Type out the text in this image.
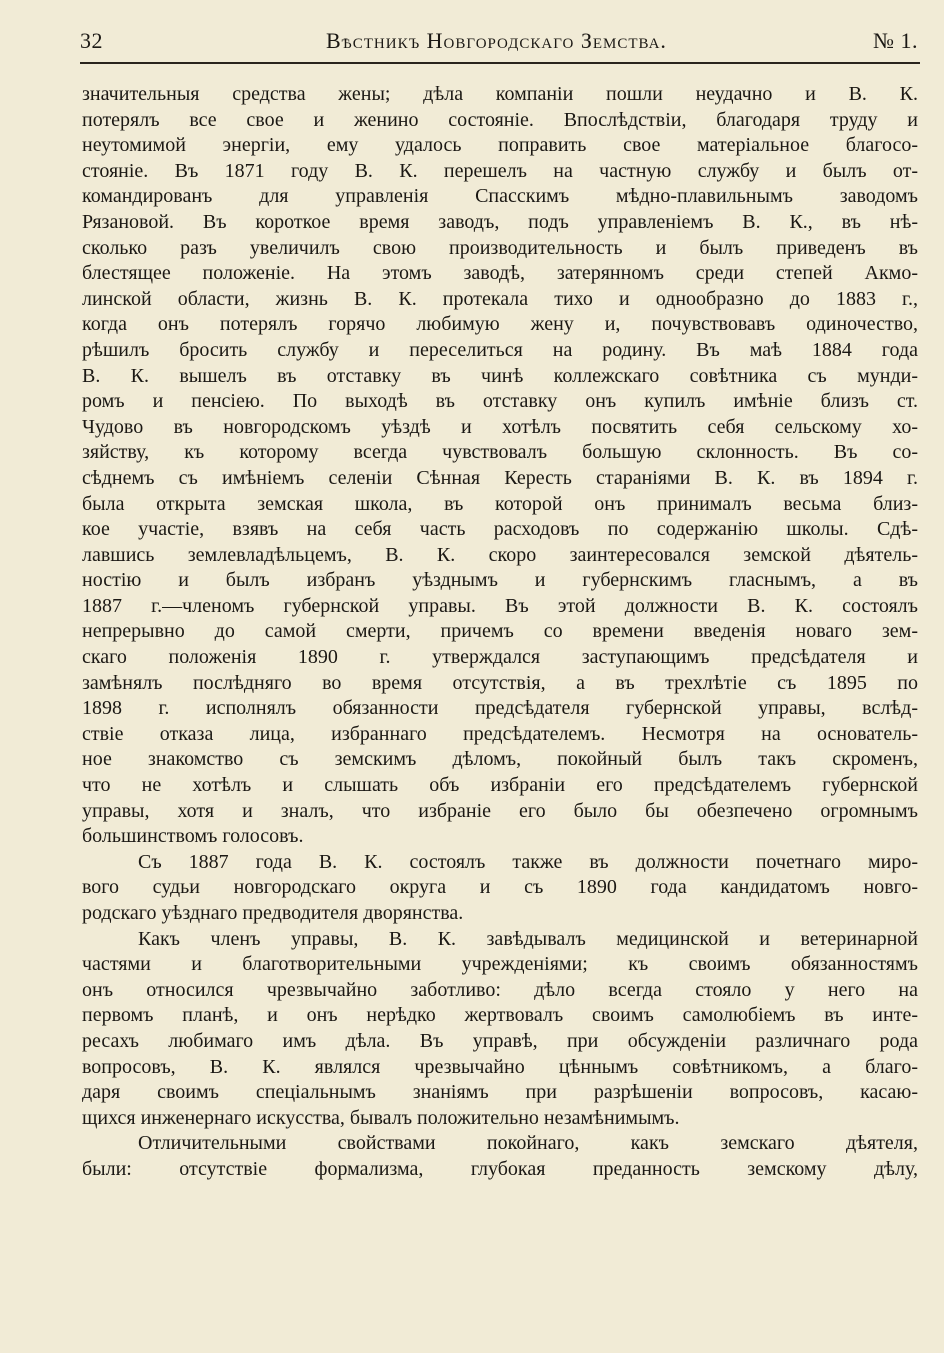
32	Вѣстникъ Новгородскаго Земства.	№ 1.
значительныя средства жены; дѣла компаніи пошли неудачно и В. К.
потерялъ все свое и женино состояніе. Впослѣдствіи, благодаря труду и
неутомимой энергіи, ему удалось поправить свое матеріальное благосо-
стояніе. Въ 1871 году В. К. перешелъ на частную службу и былъ от-
командированъ для управленія Спасскимъ мѣдно-плавильнымъ заводомъ
Рязановой. Въ короткое время заводъ, подъ управленіемъ В. К., въ нѣ-
сколько разъ увеличилъ свою производительность и былъ приведенъ въ
блестящее положеніе. На этомъ заводѣ, затерянномъ среди степей Акмо-
линской области, жизнь В. К. протекала тихо и однообразно до 1883 г.,
когда онъ потерялъ горячо любимую жену и, почувствовавъ одиночество,
рѣшилъ бросить службу и переселиться на родину. Въ маѣ 1884 года
В. К. вышелъ въ отставку въ чинѣ коллежскаго совѣтника съ мунди-
ромъ и пенсіею. По выходѣ въ отставку онъ купилъ имѣніе близъ ст.
Чудово въ новгородскомъ уѣздѣ и хотѣлъ посвятить себя сельскому хо-
зяйству, къ которому всегда чувствовалъ большую склонность. Въ со-
сѣднемъ съ имѣніемъ селеніи Сѣнная Кересть стараніями В. К. въ 1894 г.
была открыта земская школа, въ которой онъ принималъ весьма близ-
кое участіе, взявъ на себя часть расходовъ по содержанію школы. Сдѣ-
лавшись землевладѣльцемъ, В. К. скоро заинтересовался земской дѣятель-
ностію и былъ избранъ уѣзднымъ и губернскимъ гласнымъ, а въ
1887 г.—членомъ губернской управы. Въ этой должности В. К. состоялъ
непрерывно до самой смерти, причемъ со времени введенія новаго зем-
скаго положенія 1890 г. утверждался заступающимъ предсѣдателя и
замѣнялъ послѣдняго во время отсутствія, а въ трехлѣтіе съ 1895 по
1898 г. исполнялъ обязанности предсѣдателя губернской управы, вслѣд-
ствіе отказа лица, избраннаго предсѣдателемъ. Несмотря на основатель-
ное знакомство съ земскимъ дѣломъ, покойный былъ такъ скроменъ,
что не хотѣлъ и слышать объ избраніи его предсѣдателемъ губернской
управы, хотя и зналъ, что избраніе его было бы обезпечено огромнымъ
большинствомъ голосовъ.
Съ 1887 года В. К. состоялъ также въ должности почетнаго миро-
вого судьи новгородскаго округа и съ 1890 года кандидатомъ новго-
родскаго уѣзднаго предводителя дворянства.
Какъ членъ управы, В. К. завѣдывалъ медицинской и ветеринарной
частями и благотворительными учрежденіями; къ своимъ обязанностямъ
онъ относился чрезвычайно заботливо: дѣло всегда стояло у него на
первомъ планѣ, и онъ нерѣдко жертвовалъ своимъ самолюбіемъ въ инте-
ресахъ любимаго имъ дѣла. Въ управѣ, при обсужденіи различнаго рода
вопросовъ, В. К. являлся чрезвычайно цѣннымъ совѣтникомъ, а благо-
даря своимъ спеціальнымъ знаніямъ при разрѣшеніи вопросовъ, касаю-
щихся инженернаго искусства, бывалъ положительно незамѣнимымъ.
Отличительными свойствами покойнаго, какъ земскаго дѣятеля,
были: отсутствіе формализма, глубокая преданность земскому дѣлу,
